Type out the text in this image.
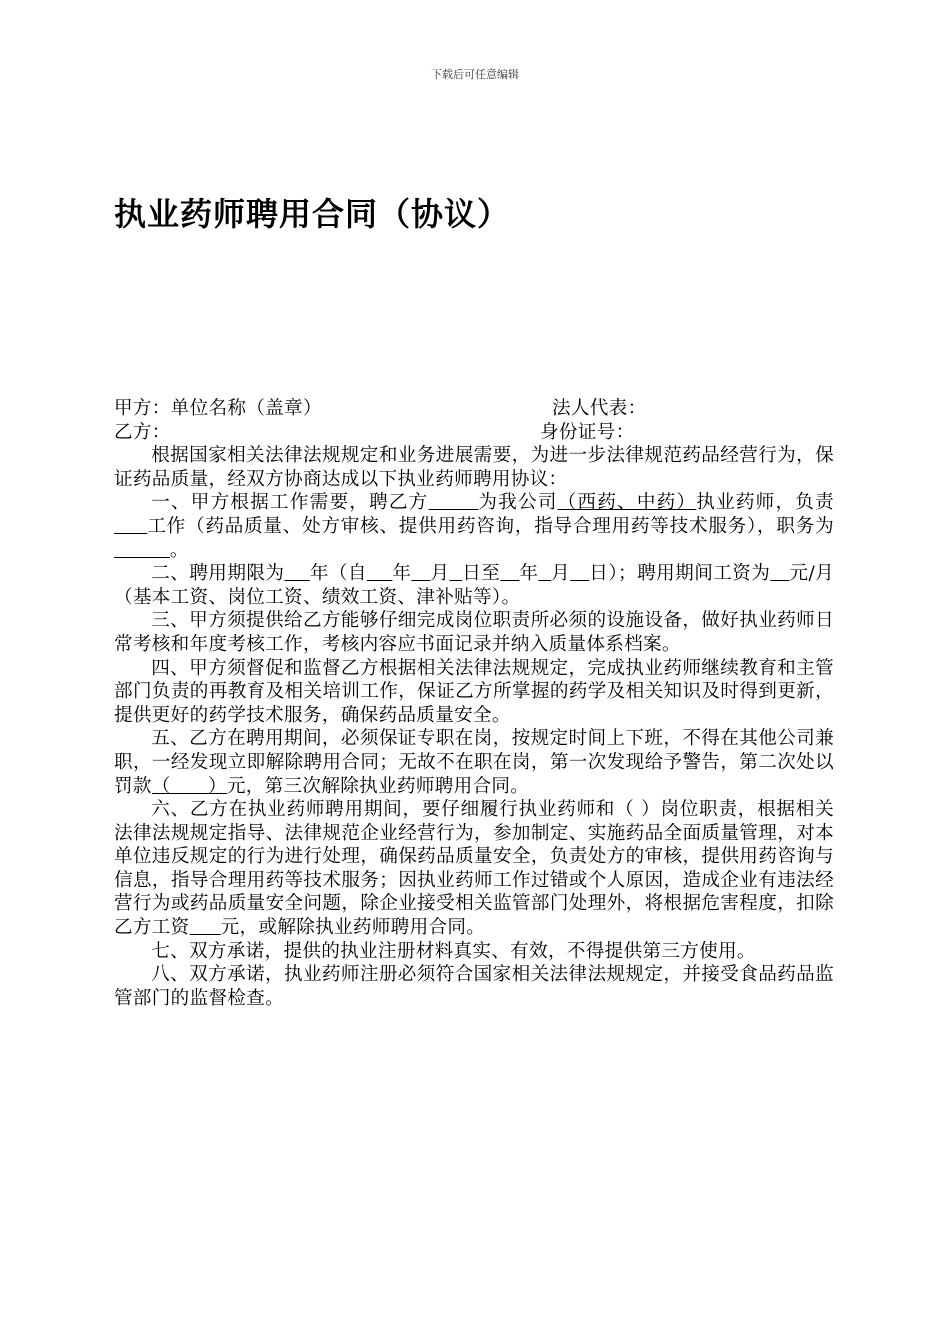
下载后可任意编辑
执业药师聘用合同（协议）
甲方：单位名称（盖章）	法人代表：
乙方：	身份证号：

根据国家相关法律法规规定和业务进展需要，为进一步法律规范药品经营行为，保证药品质量，经双方协商达成以下执业药师聘用协议：

一、甲方根据工作需要，聘乙方	为我公司（西药、中药）执业药师，负责     工作（药品质量、处方审核、提供用药咨询，指导合理用药等技术服务），职务为         。

二、聘用期限为 年（自 年 月 日至 年 月 日）；聘用期间工资为 元/月（基本工资、岗位工资、绩效工资、津补贴等）。

三、甲方须提供给乙方能够仔细完成岗位职责所必须的设施设备，做好执业药师日常考核和年度考核工作，考核内容应书面记录并纳入质量体系档案。

四、甲方须督促和监督乙方根据相关法律法规规定，完成执业药师继续教育和主管部门负责的再教育及相关培训工作，保证乙方所掌握的药学及相关知识及时得到更新，提供更好的药学技术服务，确保药品质量安全。

五、乙方在聘用期间，必须保证专职在岗，按规定时间上下班，不得在其他公司兼职，一经发现立即解除聘用合同；无故不在职在岗，第一次发现给予警告，第二次处以罚款（      ）元，第三次解除执业药师聘用合同。

六、乙方在执业药师聘用期间，要仔细履行执业药师和（ ）岗位职责，根据相关法律法规规定指导、法律规范企业经营行为，参加制定、实施药品全面质量管理，对本单位违反规定的行为进行处理，确保药品质量安全，负责处方的审核，提供用药咨询与信息，指导合理用药等技术服务；因执业药师工作过错或个人原因，造成企业有违法经营行为或药品质量安全问题，除企业接受相关监管部门处理外，将根据危害程度，扣除乙方工资 元，或解除执业药师聘用合同。

七、双方承诺，提供的执业注册材料真实、有效，不得提供第三方使用。

八、双方承诺，执业药师注册必须符合国家相关法律法规规定，并接受食品药品监管部门的监督检查。
